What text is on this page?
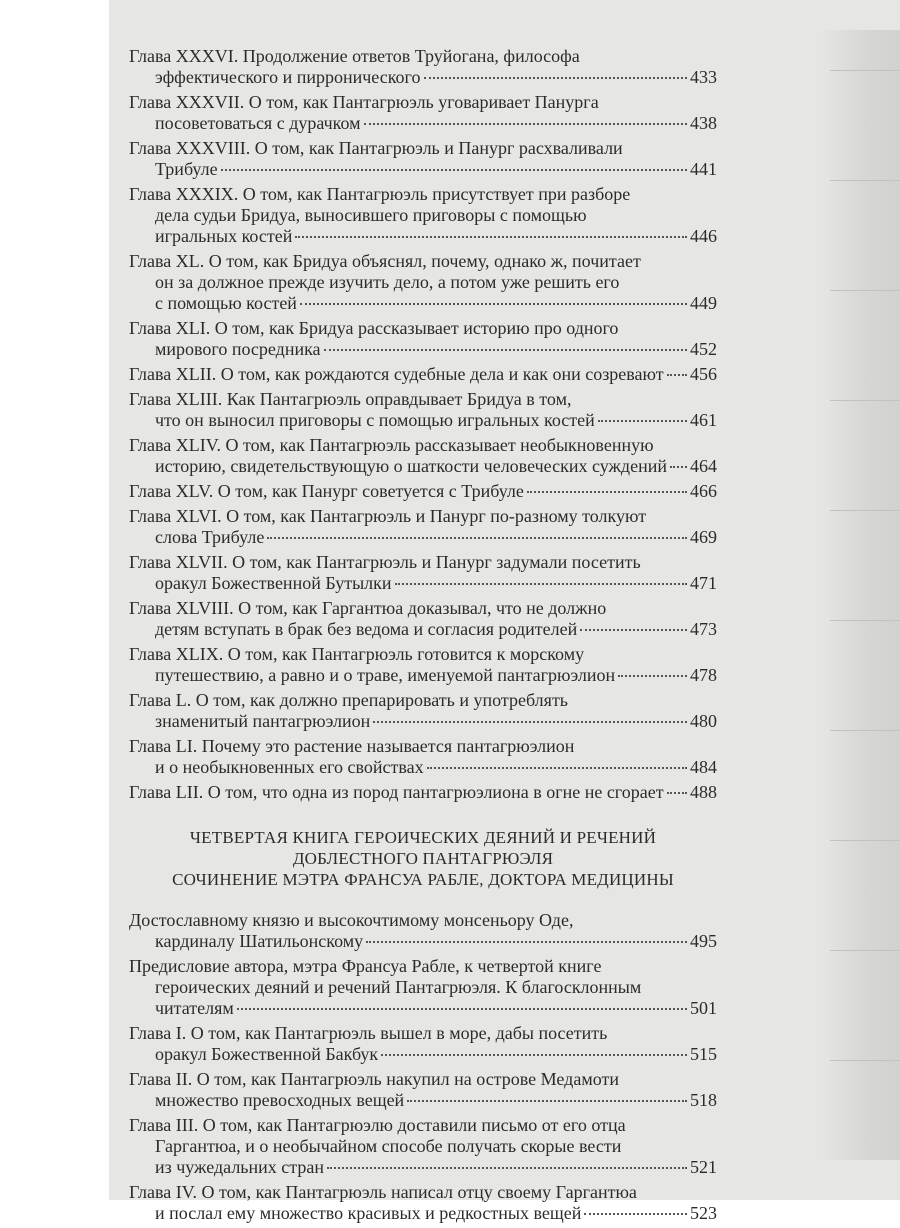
Глава XXXVI. Продолжение ответов Труйогана, философа
эффектического и пирронического	433
Глава XXXVII. О том, как Пантагрюэль уговаривает Панурга
посоветоваться с дурачком	438
Глава XXXVIII. О том, как Пантагрюэль и Панург расхваливали
Трибуле	441
Глава XXXIX. О том, как Пантагрюэль присутствует при разборе
дела судьи Бридуа, выносившего приговоры с помощью
игральных костей	446
Глава XL. О том, как Бридуа объяснял, почему, однако ж, почитает
он за должное прежде изучить дело, а потом уже решить его
с помощью костей	449
Глава XLI. О том, как Бридуа рассказывает историю про одного
мирового посредника	452
Глава XLII. О том, как рождаются судебные дела и как они созревают 456
Глава XLIII. Как Пантагрюэль оправдывает Бридуа в том,
что он выносил приговоры с помощью игральных костей	461
Глава XLIV. О том, как Пантагрюэль рассказывает необыкновенную
историю, свидетельствующую о шаткости человеческих суждений 464
Глава XLV. О том, как Панург советуется с Трибуле	466
Глава XLVI. О том, как Пантагрюэль и Панург по-разному толкуют
слова Трибуле	469
Глава XLVII. О том, как Пантагрюэль и Панург задумали посетить
оракул Божественной Бутылки	471
Глава XLVIII. О том, как Гаргантюа доказывал, что не должно
детям вступать в брак без ведома и согласия родителей	473
Глава XLIX. О том, как Пантагрюэль готовится к морскому
путешествию, а равно и о траве, именуемой пантагрюэлион	478
Глава L. О том, как должно препарировать и употреблять
знаменитый пантагрюэлион	480
Глава LI. Почему это растение называется пантагрюэлион
и о необыкновенных его свойствах	484
Глава LII. О том, что одна из пород пантагрюэлиона в огне не сгорает 488
ЧЕТВЕРТАЯ КНИГА ГЕРОИЧЕСКИХ ДЕЯНИЙ И РЕЧЕНИЙ
ДОБЛЕСТНОГО ПАНТАГРЮЭЛЯ
СОЧИНЕНИЕ МЭТРА ФРАНСУА РАБЛЕ, ДОКТОРА МЕДИЦИНЫ
Достославному князю и высокочтимому монсеньору Оде,
кардиналу Шатильонскому	495
Предисловие автора, мэтра Франсуа Рабле, к четвертой книге
героических деяний и речений Пантагрюэля. К благосклонным
читателям	501
Глава I. О том, как Пантагрюэль вышел в море, дабы посетить
оракул Божественной Бакбук	515
Глава II. О том, как Пантагрюэль накупил на острове Медамоти
множество превосходных вещей	518
Глава III. О том, как Пантагрюэлю доставили письмо от его отца
Гаргантюа, и о необычайном способе получать скорые вести
из чужедальних стран	521
Глава IV. О том, как Пантагрюэль написал отцу своему Гаргантюа
и послал ему множество красивых и редкостных вещей	523
